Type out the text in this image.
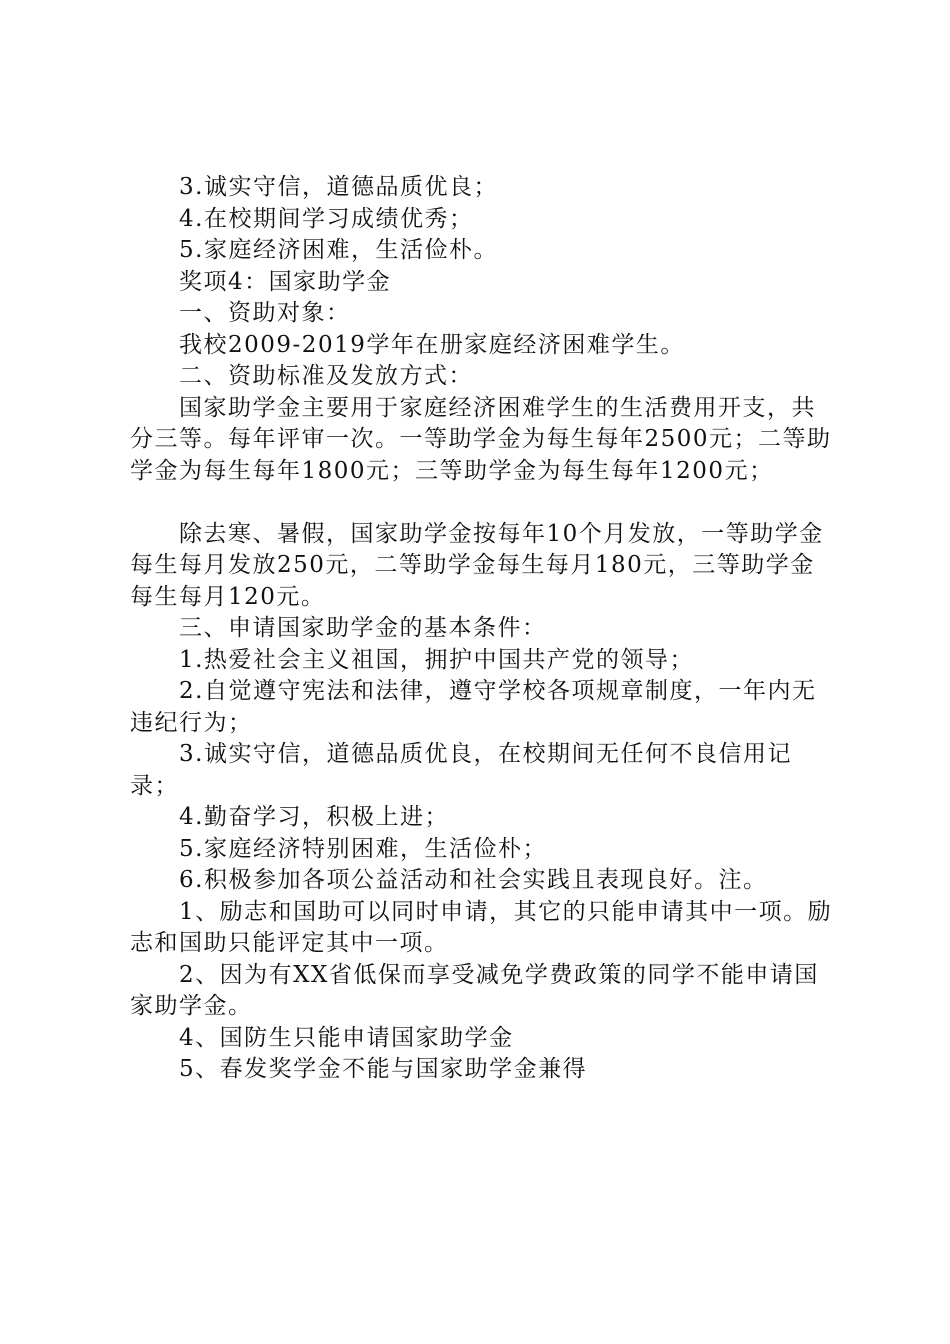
3.诚实守信，道德品质优良；

4.在校期间学习成绩优秀；

5.家庭经济困难，生活俭朴。

奖项4：国家助学金

一、资助对象：

我校2009-2019学年在册家庭经济困难学生。

二、资助标准及发放方式：

国家助学金主要用于家庭经济困难学生的生活费用开支，共分三等。每年评审一次。一等助学金为每生每年2500元；二等助学金为每生每年1800元；三等助学金为每生每年1200元；

除去寒、暑假，国家助学金按每年10个月发放，一等助学金每生每月发放250元，二等助学金每生每月180元，三等助学金每生每月120元。

三、申请国家助学金的基本条件：

1.热爱社会主义祖国，拥护中国共产党的领导；

2.自觉遵守宪法和法律，遵守学校各项规章制度，一年内无违纪行为；

3.诚实守信，道德品质优良，在校期间无任何不良信用记录；

4.勤奋学习，积极上进；

5.家庭经济特别困难，生活俭朴；

6.积极参加各项公益活动和社会实践且表现良好。注。

1、励志和国助可以同时申请，其它的只能申请其中一项。励志和国助只能评定其中一项。

2、因为有XX省低保而享受减免学费政策的同学不能申请国家助学金。

4、国防生只能申请国家助学金

5、春发奖学金不能与国家助学金兼得
